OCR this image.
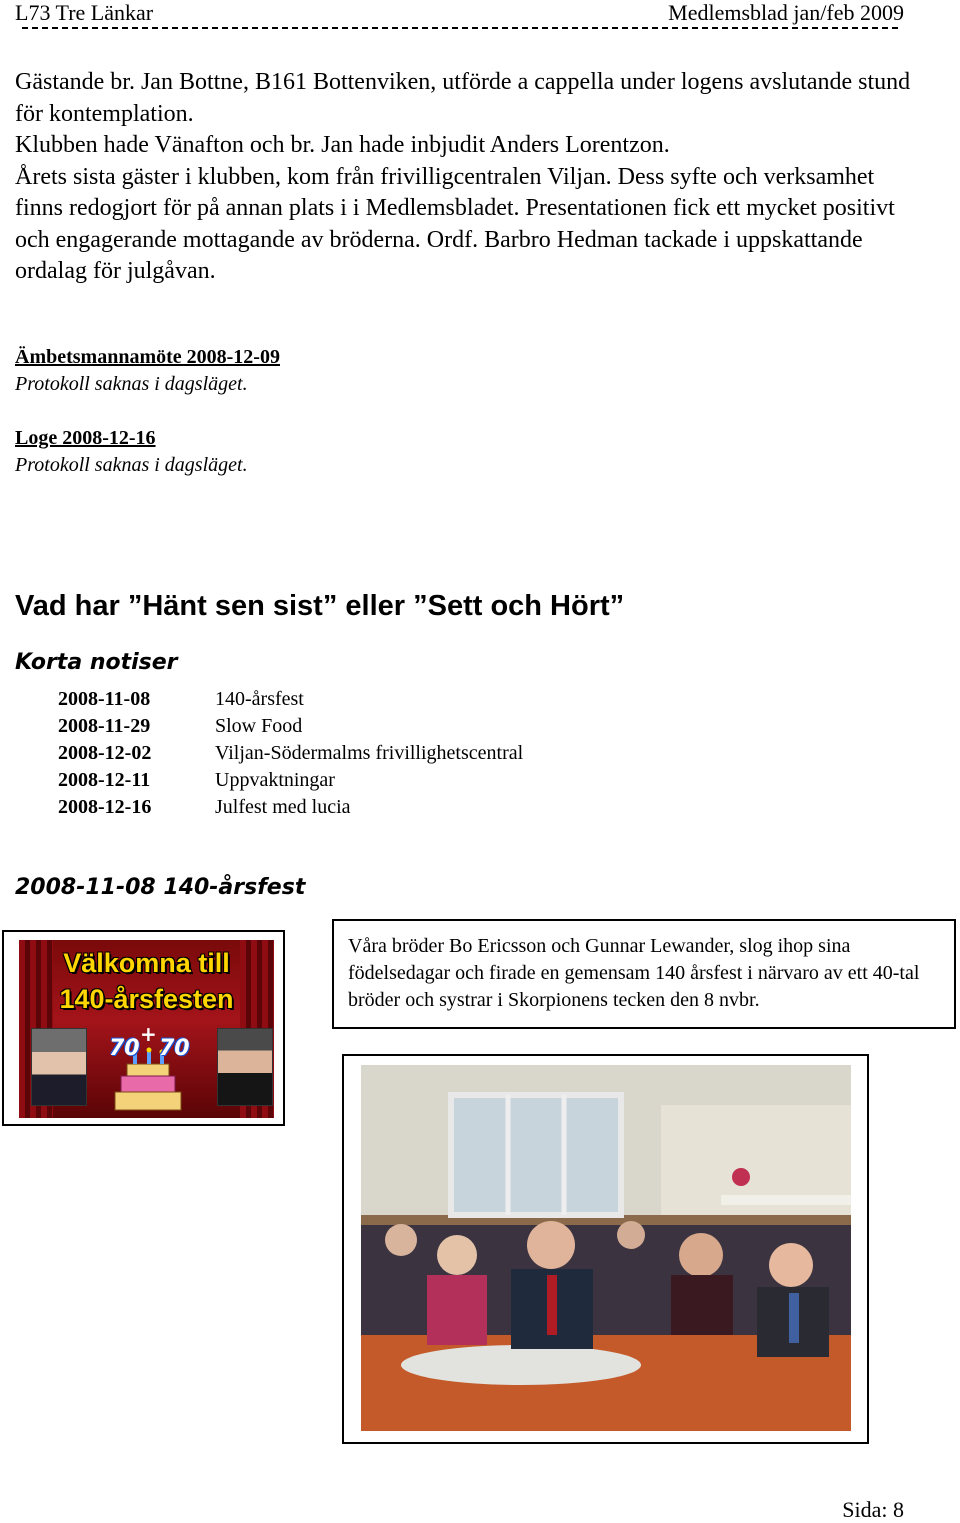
L73 Tre Länkar	Medlemsblad jan/feb 2009

Gästande br. Jan Bottne, B161 Bottenviken, utförde a cappella under logens avslutande stund för kontemplation.

Klubben hade Vänafton och br. Jan hade inbjudit Anders Lorentzon.

Årets sista gäster i klubben, kom från frivilligcentralen Viljan. Dess syfte och verksamhet finns redogjort för på annan plats i i Medlemsbladet. Presentationen fick ett mycket positivt och engagerande mottagande av bröderna. Ordf. Barbro Hedman tackade i uppskattande ordalag för julgåvan.

Ämbetsmannamöte 2008-12-09
Protokoll saknas i dagsläget.
Loge 2008-12-16
Protokoll saknas i dagsläget.
Vad har ”Hänt sen sist” eller ”Sett och Hört”
Korta notiser
2008-11-08	140-årsfest
2008-11-29	Slow Food
2008-12-02	Viljan-Södermalms frivillighetscentral
2008-12-11	Uppvaktningar
2008-12-16	Julfest med lucia
2008-11-08 140-årsfest
Välkomna till
140-årsfesten
70
+
70
Våra bröder Bo Ericsson och Gunnar Lewander, slog ihop sina födelsedagar och firade en gemensam 140 årsfest i närvaro av ett 40-tal bröder och systrar i Skorpionens tecken den 8 nvbr.
Sida: 8
